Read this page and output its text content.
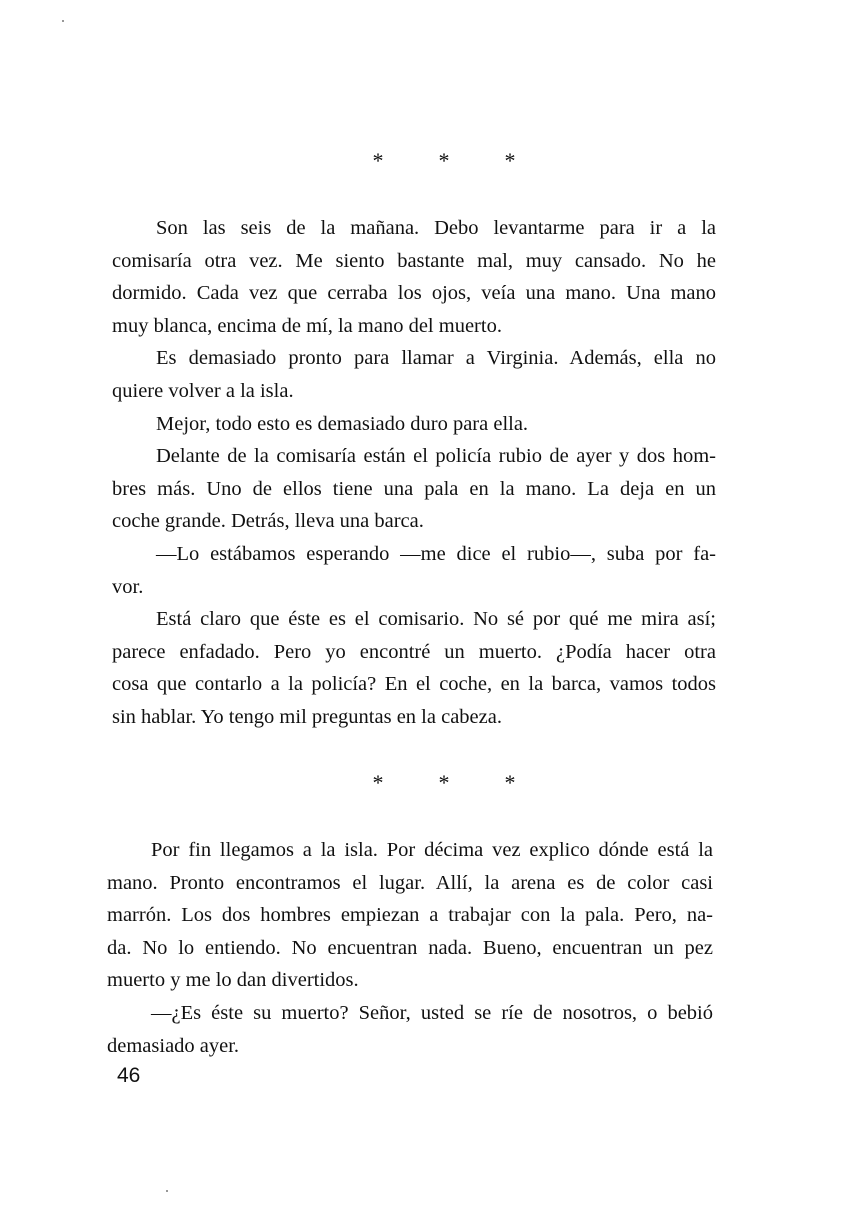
*	*	*
Son las seis de la mañana. Debo levantarme para ir a la
comisaría otra vez. Me siento bastante mal, muy cansado. No he
dormido. Cada vez que cerraba los ojos, veía una mano. Una mano
muy blanca, encima de mí, la mano del muerto.
Es demasiado pronto para llamar a Virginia. Además, ella no
quiere volver a la isla.
Mejor, todo esto es demasiado duro para ella.
Delante de la comisaría están el policía rubio de ayer y dos hom-
bres más. Uno de ellos tiene una pala en la mano. La deja en un
coche grande. Detrás, lleva una barca.
—Lo estábamos esperando —me dice el rubio—, suba por fa-
vor.
Está claro que éste es el comisario. No sé por qué me mira así;
parece enfadado. Pero yo encontré un muerto. ¿Podía hacer otra
cosa que contarlo a la policía? En el coche, en la barca, vamos todos
sin hablar. Yo tengo mil preguntas en la cabeza.
*	*	*
Por fin llegamos a la isla. Por décima vez explico dónde está la
mano. Pronto encontramos el lugar. Allí, la arena es de color casi
marrón. Los dos hombres empiezan a trabajar con la pala. Pero, na-
da. No lo entiendo. No encuentran nada. Bueno, encuentran un pez
muerto y me lo dan divertidos.
—¿Es éste su muerto? Señor, usted se ríe de nosotros, o bebió
demasiado ayer.
46
